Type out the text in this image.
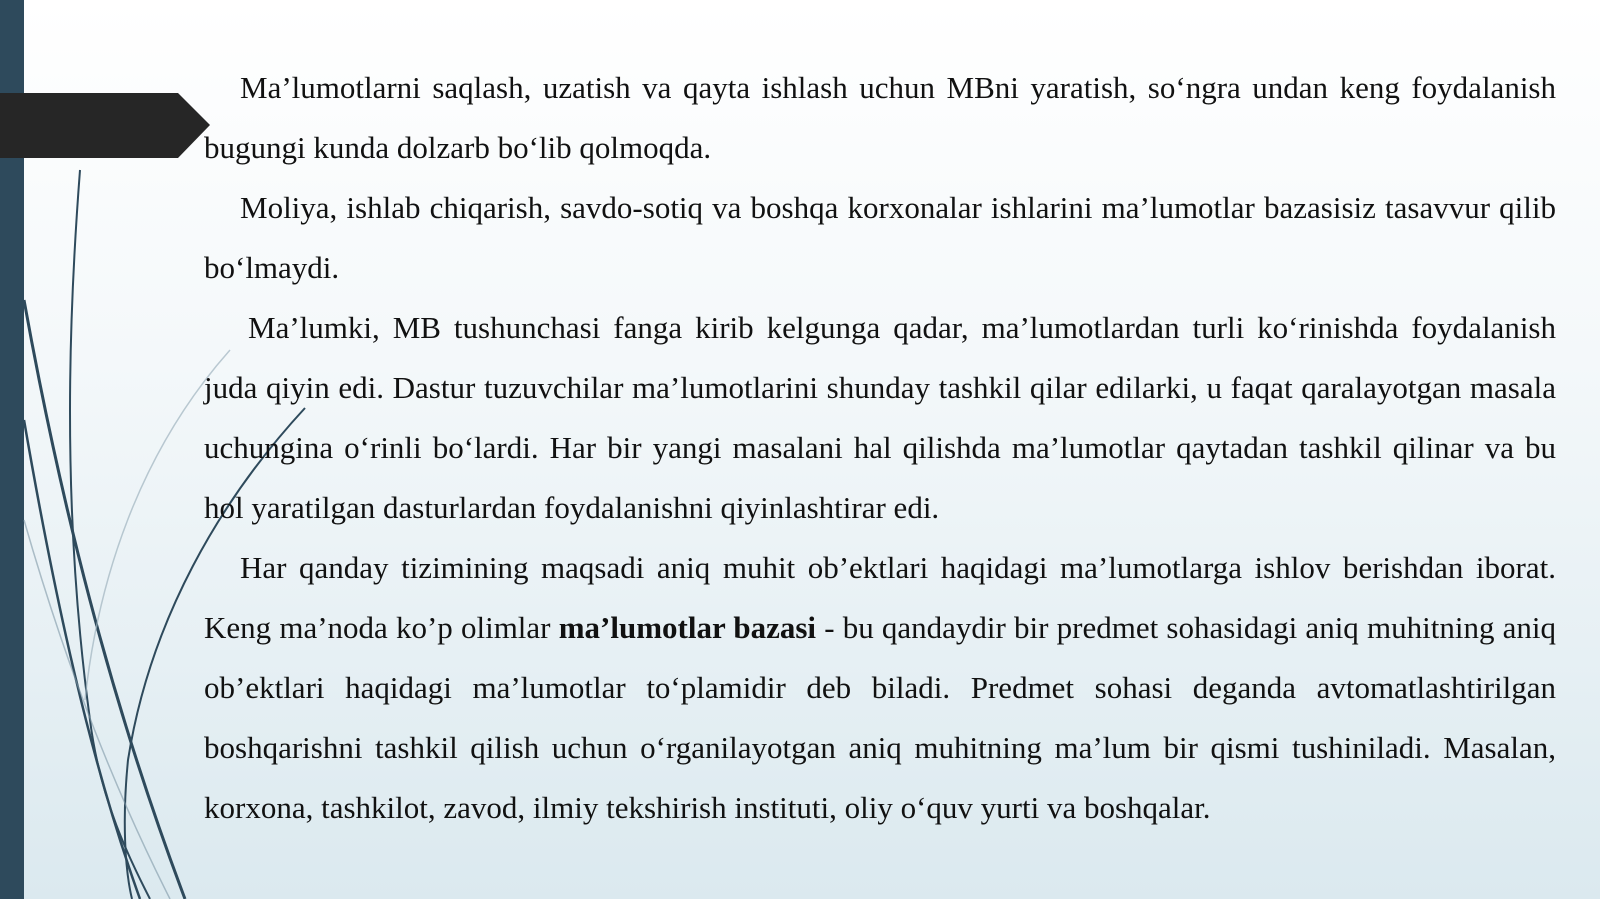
Ma’lumotlarni saqlash, uzatish va qayta ishlash uchun MBni yaratish, so‘ngra undan keng foydalanish bugungi kunda dolzarb bo‘lib qolmoqda.

Moliya, ishlab chiqarish, savdo-sotiq va boshqa korxonalar ishlarini ma’lumotlar bazasisiz tasavvur qilib bo‘lmaydi.

Ma’lumki, MB tushunchasi fanga kirib kelgunga qadar, ma’lumotlardan turli ko‘rinishda foydalanish juda qiyin edi. Dastur tuzuvchilar ma’lumotlarini shunday tashkil qilar edilarki, u faqat qaralayotgan masala uchungina o‘rinli bo‘lardi. Har bir yangi masalani hal qilishda ma’lumotlar qaytadan tashkil qilinar va bu hol yaratilgan dasturlardan foydalanishni qiyinlashtirar edi.

Har qanday tizimining maqsadi aniq muhit ob’ektlari haqidagi ma’lumotlarga ishlov berishdan iborat. Keng ma’noda ko’p olimlar ma’lumotlar bazasi - bu qandaydir bir predmet sohasidagi aniq muhitning aniq ob’ektlari haqidagi ma’lumotlar to‘plamidir deb biladi. Predmet sohasi deganda avtomatlashtirilgan boshqarishni tashkil qilish uchun o‘rganilayotgan aniq muhitning ma’lum bir qismi tushiniladi. Masalan, korxona, tashkilot, zavod, ilmiy tekshirish instituti, oliy o‘quv yurti va boshqalar.
